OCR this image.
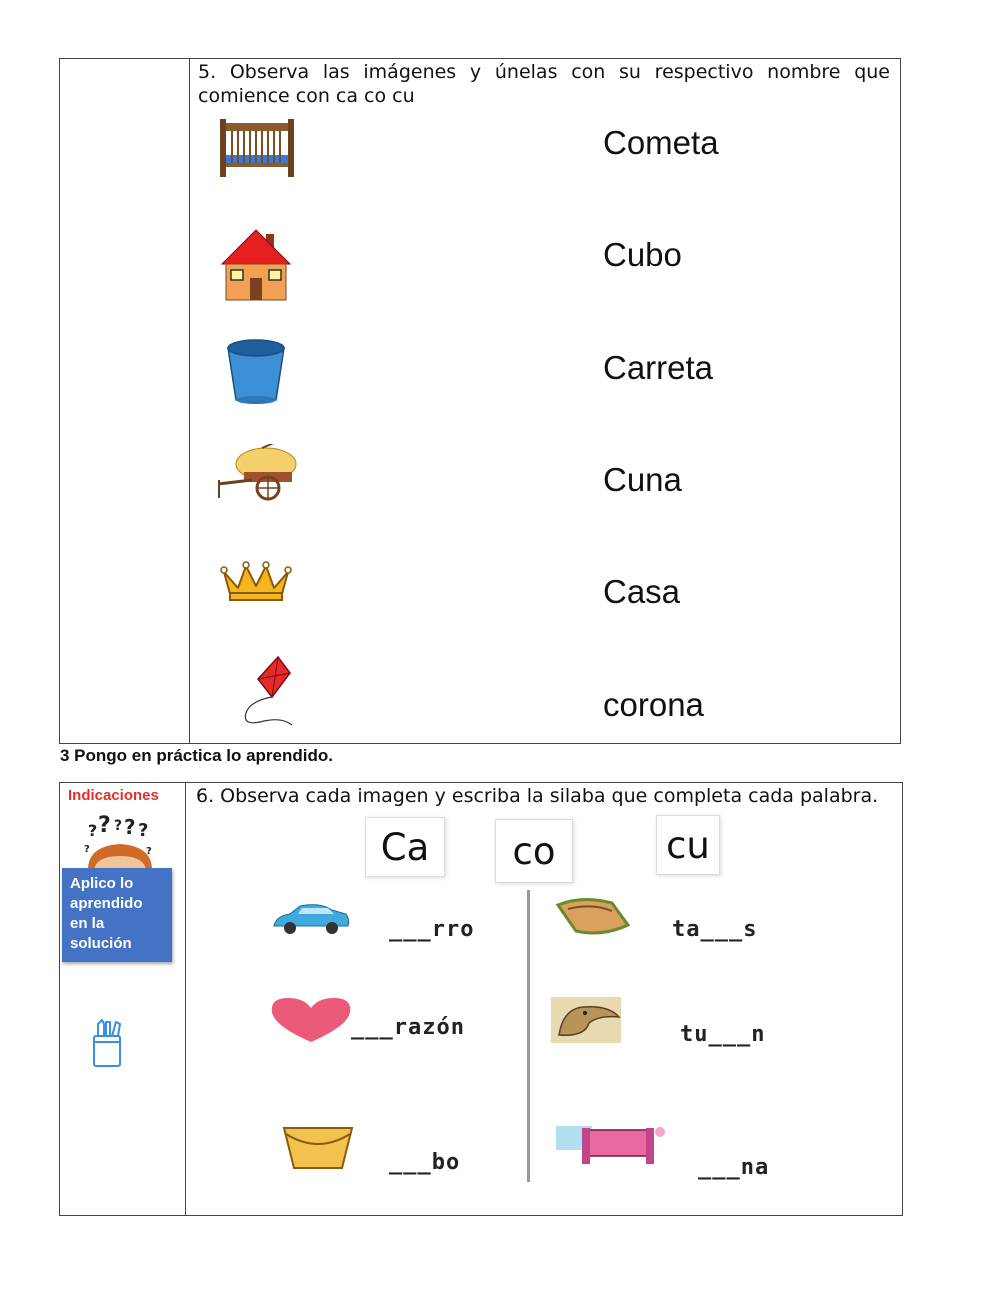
5. Observa las imágenes y únelas con su respectivo nombre que comience con ca co cu
Cometa
Cubo
Carreta
Cuna
Casa
corona
3 Pongo en práctica lo aprendido.
Indicaciones
? ? ? ? ?
?	?
Aplico lo aprendido en la solución
6. Observa cada imagen y escriba la silaba que completa cada palabra.
Ca	co	cu
___rro
___razón
___bo
ta___s
tu___n
___na
